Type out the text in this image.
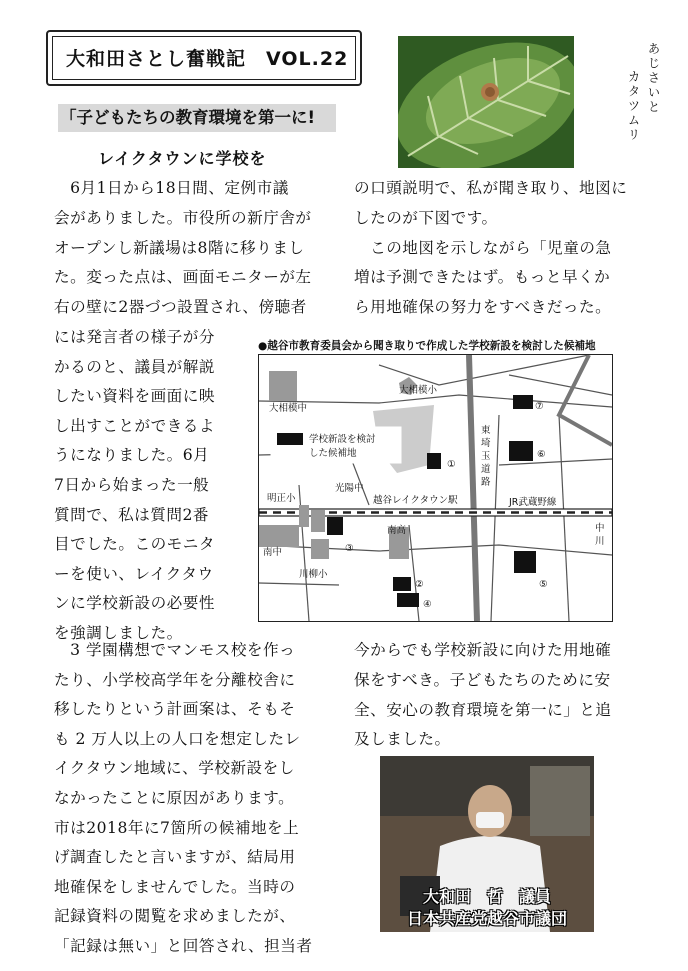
大和田さとし奮戦記　VOL.22
「子どもたちの教育環境を第一に!
レイクタウンに学校を
あじさいと
カタツムリ
　6月1日から18日間、定例市議
会がありました。市役所の新庁舎が
オープンし新議場は8階に移りまし
た。変った点は、画面モニターが左
右の壁に2器づつ設置され、傍聴者
には発言者の様子が分
かるのと、議員が解説
したい資料を画面に映
し出すことができるよ
うになりました。6月
7日から始まった一般
質問で、私は質問2番
目でした。このモニタ
ーを使い、レイクタウ
ンに学校新設の必要性
を強調しました。
　3 学園構想でマンモス校を作っ
たり、小学校高学年を分離校舎に
移したりという計画案は、そもそ
も 2 万人以上の人口を想定したレ
イクタウン地域に、学校新設をし
なかったことに原因があります。
市は2018年に7箇所の候補地を上
げ調査したと言いますが、結局用
地確保をしませんでした。当時の
記録資料の閲覧を求めましたが、
「記録は無い」と回答され、担当者
の口頭説明で、私が聞き取り、地図に
したのが下図です。
　この地図を示しながら「児童の急
増は予測できたはず。もっと早くか
ら用地確保の努力をすべきだった。
今からでも学校新設に向けた用地確
保をすべき。子どもたちのために安
全、安心の教育環境を第一に」と追
及しました。
●越谷市教育委員会から聞き取りで作成した学校新設を検討した候補地
学校新設を検討
した候補地
大相模小
大相模中
光陽中
明正小	越谷レイクタウン駅	JR武蔵野線
南中
川柳小
南高
東
埼
玉
道
路
中
川
①
②
③
④
⑤
⑥
⑦
大和田　哲　議員
日本共産党越谷市議団
